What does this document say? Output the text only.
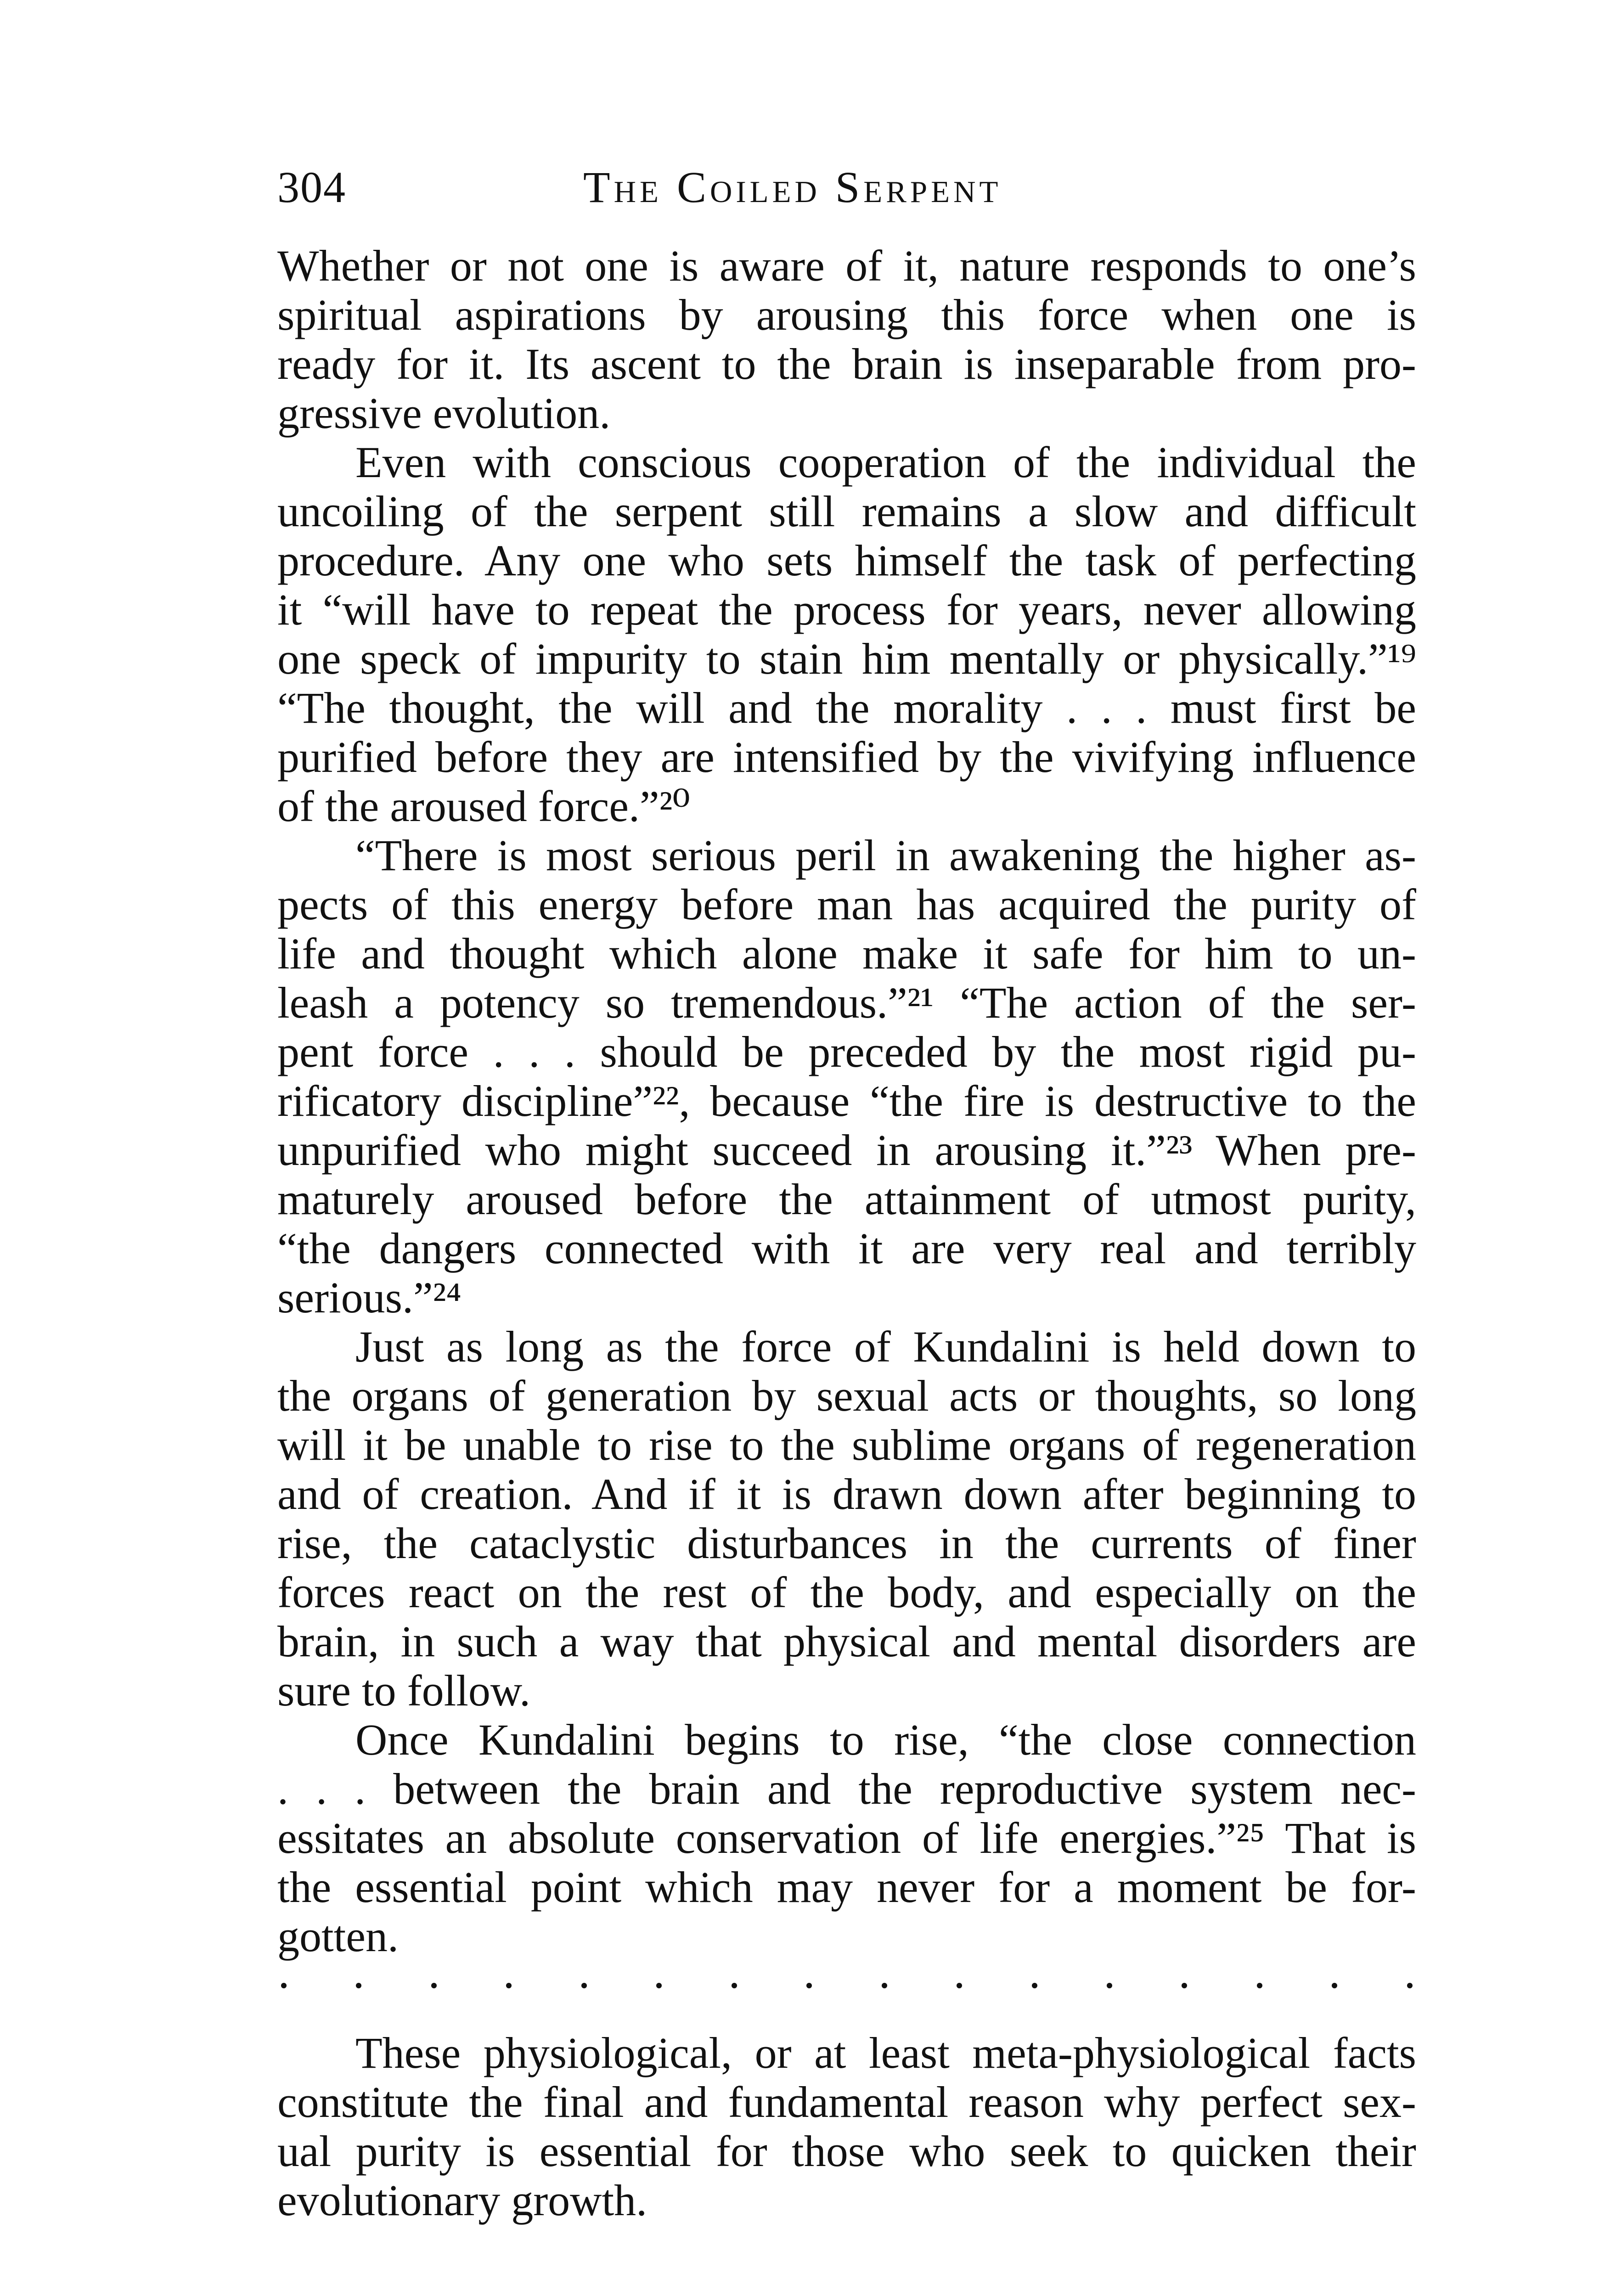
304	The Coiled Serpent
Whether or not one is aware of it, nature responds to one’s
spiritual aspirations by arousing this force when one is
ready for it. Its ascent to the brain is inseparable from pro-
gressive evolution.
Even with conscious cooperation of the individual the
uncoiling of the serpent still remains a slow and difficult
procedure. Any one who sets himself the task of perfecting
it “will have to repeat the process for years, never allowing
one speck of impurity to stain him mentally or physically.”¹⁹
“The thought, the will and the morality . . . must first be
purified before they are intensified by the vivifying influence
of the aroused force.”²⁰
“There is most serious peril in awakening the higher as-
pects of this energy before man has acquired the purity of
life and thought which alone make it safe for him to un-
leash a potency so tremendous.”²¹ “The action of the ser-
pent force . . . should be preceded by the most rigid pu-
rificatory discipline”²², because “the fire is destructive to the
unpurified who might succeed in arousing it.”²³ When pre-
maturely aroused before the attainment of utmost purity,
“the dangers connected with it are very real and terribly
serious.”²⁴
Just as long as the force of Kundalini is held down to
the organs of generation by sexual acts or thoughts, so long
will it be unable to rise to the sublime organs of regeneration
and of creation. And if it is drawn down after beginning to
rise, the cataclystic disturbances in the currents of finer
forces react on the rest of the body, and especially on the
brain, in such a way that physical and mental disorders are
sure to follow.
Once Kundalini begins to rise, “the close connection
. . . between the brain and the reproductive system nec-
essitates an absolute conservation of life energies.”²⁵ That is
the essential point which may never for a moment be for-
gotten.
These physiological, or at least meta-physiological facts
constitute the final and fundamental reason why perfect sex-
ual purity is essential for those who seek to quicken their
evolutionary growth.
